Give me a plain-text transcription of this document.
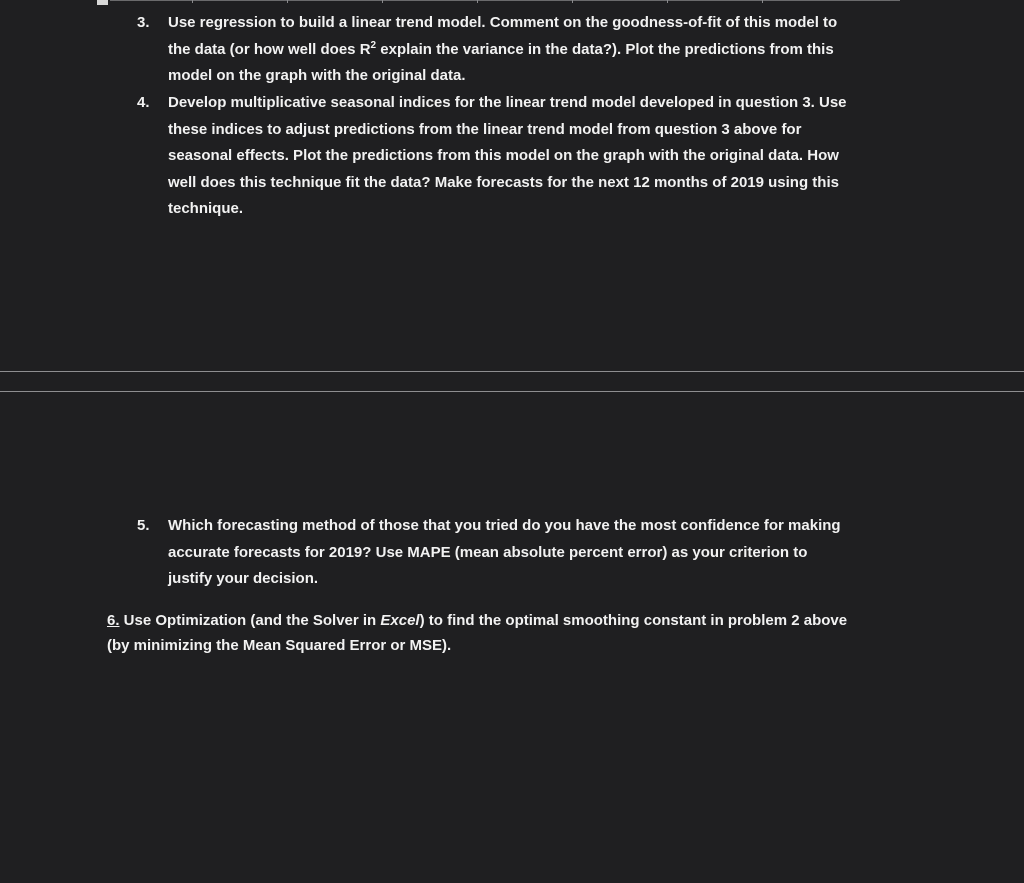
3. Use regression to build a linear trend model. Comment on the goodness-of-fit of this model to
the data (or how well does $R^2$ explain the variance in the data?). Plot the predictions from this
model on the graph with the original data.
4. Develop multiplicative seasonal indices for the linear trend model developed in question 3. Use
these indices to adjust predictions from the linear trend model from question 3 above for
seasonal effects. Plot the predictions from this model on the graph with the original data. How
well does this technique fit the data? Make forecasts for the next 12 months of 2019 using this
technique.
5. Which forecasting method of those that you tried do you have the most confidence for making
accurate forecasts for 2019? Use MAPE (mean absolute percent error) as your criterion to
justify your decision.
6. Use Optimization (and the Solver in Excel) to find the optimal smoothing constant in problem 2 above
(by minimizing the Mean Squared Error or MSE).
